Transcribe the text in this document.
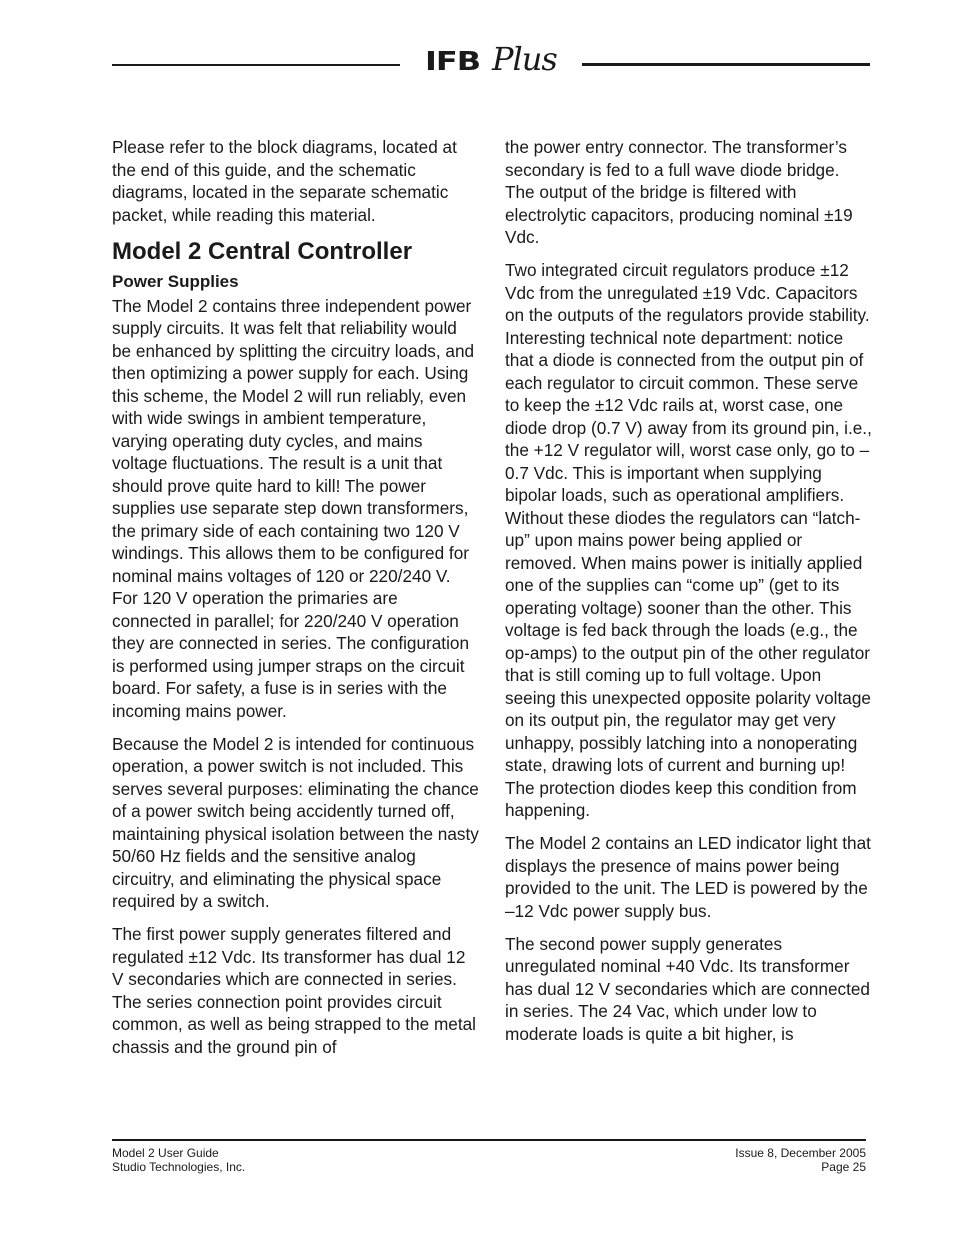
IFB Plus

Please refer to the block diagrams, located at the end of this guide, and the schematic diagrams, located in the separate schematic packet, while reading this material.

Model 2 Central Controller
Power Supplies

The Model 2 contains three independent power supply circuits. It was felt that reliability would be enhanced by splitting the circuitry loads, and then optimizing a power supply for each. Using this scheme, the Model 2 will run reliably, even with wide swings in ambient temperature, varying operating duty cycles, and mains voltage fluctuations. The result is a unit that should prove quite hard to kill! The power supplies use separate step down transformers, the primary side of each containing two 120 V windings. This allows them to be configured for nominal mains voltages of 120 or 220/240 V. For 120 V operation the primaries are connected in parallel; for 220/240 V operation they are connected in series. The configuration is performed using jumper straps on the circuit board. For safety, a fuse is in series with the incoming mains power.

Because the Model 2 is intended for continuous operation, a power switch is not included. This serves several purposes: eliminating the chance of a power switch being accidently turned off, maintaining physical isolation between the nasty 50/60 Hz fields and the sensitive analog circuitry, and eliminating the physical space required by a switch.

The first power supply generates filtered and regulated ±12 Vdc. Its transformer has dual 12 V secondaries which are connected in series. The series connection point provides circuit common, as well as being strapped to the metal chassis and the ground pin of

the power entry connector. The transformer’s secondary is fed to a full wave diode bridge. The output of the bridge is filtered with electrolytic capacitors, producing nominal ±19 Vdc.

Two integrated circuit regulators produce ±12 Vdc from the unregulated ±19 Vdc. Capacitors on the outputs of the regulators provide stability. Interesting technical note department: notice that a diode is connected from the output pin of each regulator to circuit common. These serve to keep the ±12 Vdc rails at, worst case, one diode drop (0.7 V) away from its ground pin, i.e., the +12 V regulator will, worst case only, go to –0.7 Vdc. This is important when supplying bipolar loads, such as operational amplifiers. Without these diodes the regulators can “latch-up” upon mains power being applied or removed. When mains power is initially applied one of the supplies can “come up” (get to its operating voltage) sooner than the other. This voltage is fed back through the loads (e.g., the op-amps) to the output pin of the other regulator that is still coming up to full voltage. Upon seeing this unexpected opposite polarity voltage on its output pin, the regulator may get very unhappy, possibly latching into a nonoperating state, drawing lots of current and burning up! The protection diodes keep this condition from happening.

The Model 2 contains an LED indicator light that displays the presence of mains power being provided to the unit. The LED is powered by the –12 Vdc power supply bus.

The second power supply generates unregulated nominal +40 Vdc. Its transformer has dual 12 V secondaries which are connected in series. The 24 Vac, which under low to moderate loads is quite a bit higher, is

Model 2 User Guide
Studio Technologies, Inc.
Issue 8, December 2005
Page 25
